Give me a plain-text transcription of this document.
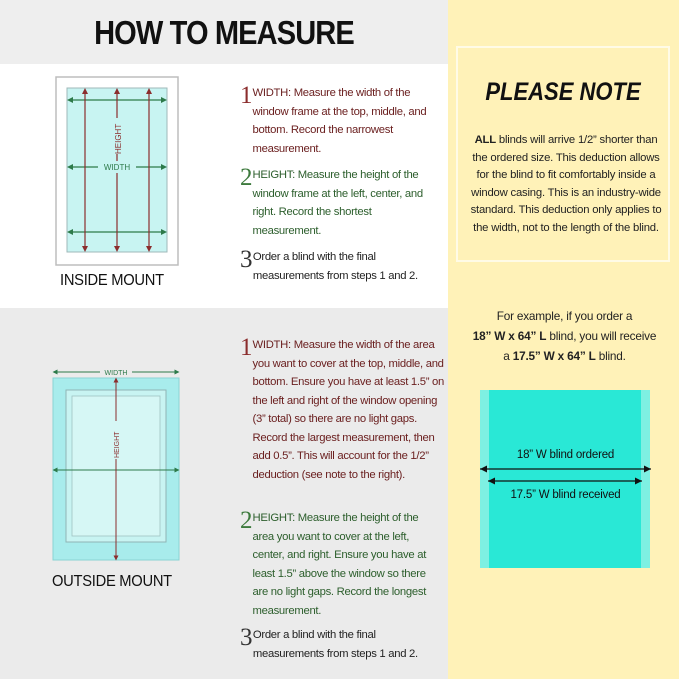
HOW TO MEASURE
HEIGHT
WIDTH
INSIDE MOUNT
1 WIDTH: Measure the width of the window frame at the top, middle, and bottom. Record the narrowest measurement.
2 HEIGHT: Measure the height of the window frame at the left, center, and right. Record the shortest measurement.
3 Order a blind with the final measurements from steps 1 and 2.
WIDTH
HEIGHT
OUTSIDE MOUNT
1 WIDTH: Measure the width of the area you want to cover at the top, middle, and bottom. Ensure you have at least 1.5” on the left and right of the window opening (3” total) so there are no light gaps. Record the largest measurement, then add 0.5”. This will account for the 1/2” deduction (see note to the right).
2 HEIGHT: Measure the height of the area you want to cover at the left, center, and right. Ensure you have at least 1.5” above the window so there are no light gaps. Record the longest measurement.
3 Order a blind with the final measurements from steps 1 and 2.
PLEASE NOTE
ALL blinds will arrive 1/2” shorter than the ordered size. This deduction allows for the blind to fit comfortably inside a window casing. This is an industry-wide standard. This deduction only applies to the width, not to the length of the blind.
For example, if you order a
18” W x 64” L blind, you will receive
a 17.5” W x 64” L blind.
18” W blind ordered
17.5” W blind received
